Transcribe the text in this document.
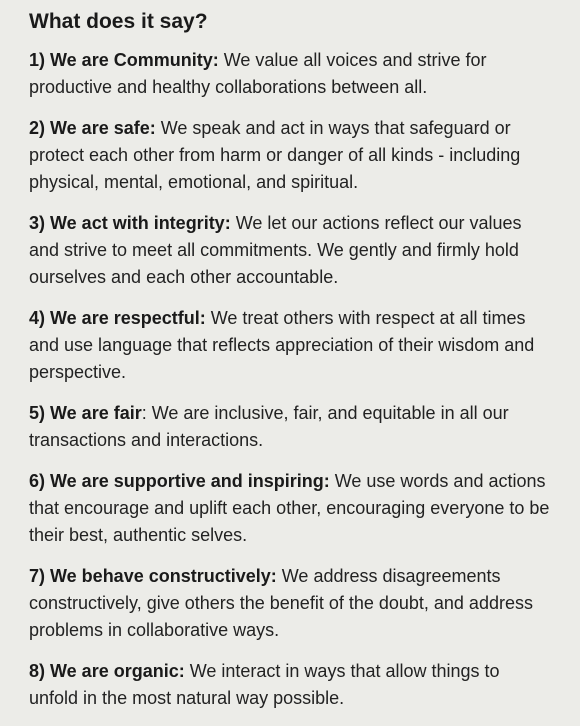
What does it say?

1) We are Community: We value all voices and strive for productive and healthy collaborations between all.

2) We are safe: We speak and act in ways that safeguard or protect each other from harm or danger of all kinds - including physical, mental, emotional, and spiritual.

3) We act with integrity: We let our actions reflect our values and strive to meet all commitments. We gently and firmly hold ourselves and each other accountable.

4) We are respectful: We treat others with respect at all times and use language that reflects appreciation of their wisdom and perspective.

5) We are fair: We are inclusive, fair, and equitable in all our transactions and interactions.

6) We are supportive and inspiring: We use words and actions that encourage and uplift each other, encouraging everyone to be their best, authentic selves.

7) We behave constructively: We address disagreements constructively, give others the benefit of the doubt, and address problems in collaborative ways.

8) We are organic: We interact in ways that allow things to unfold in the most natural way possible.
